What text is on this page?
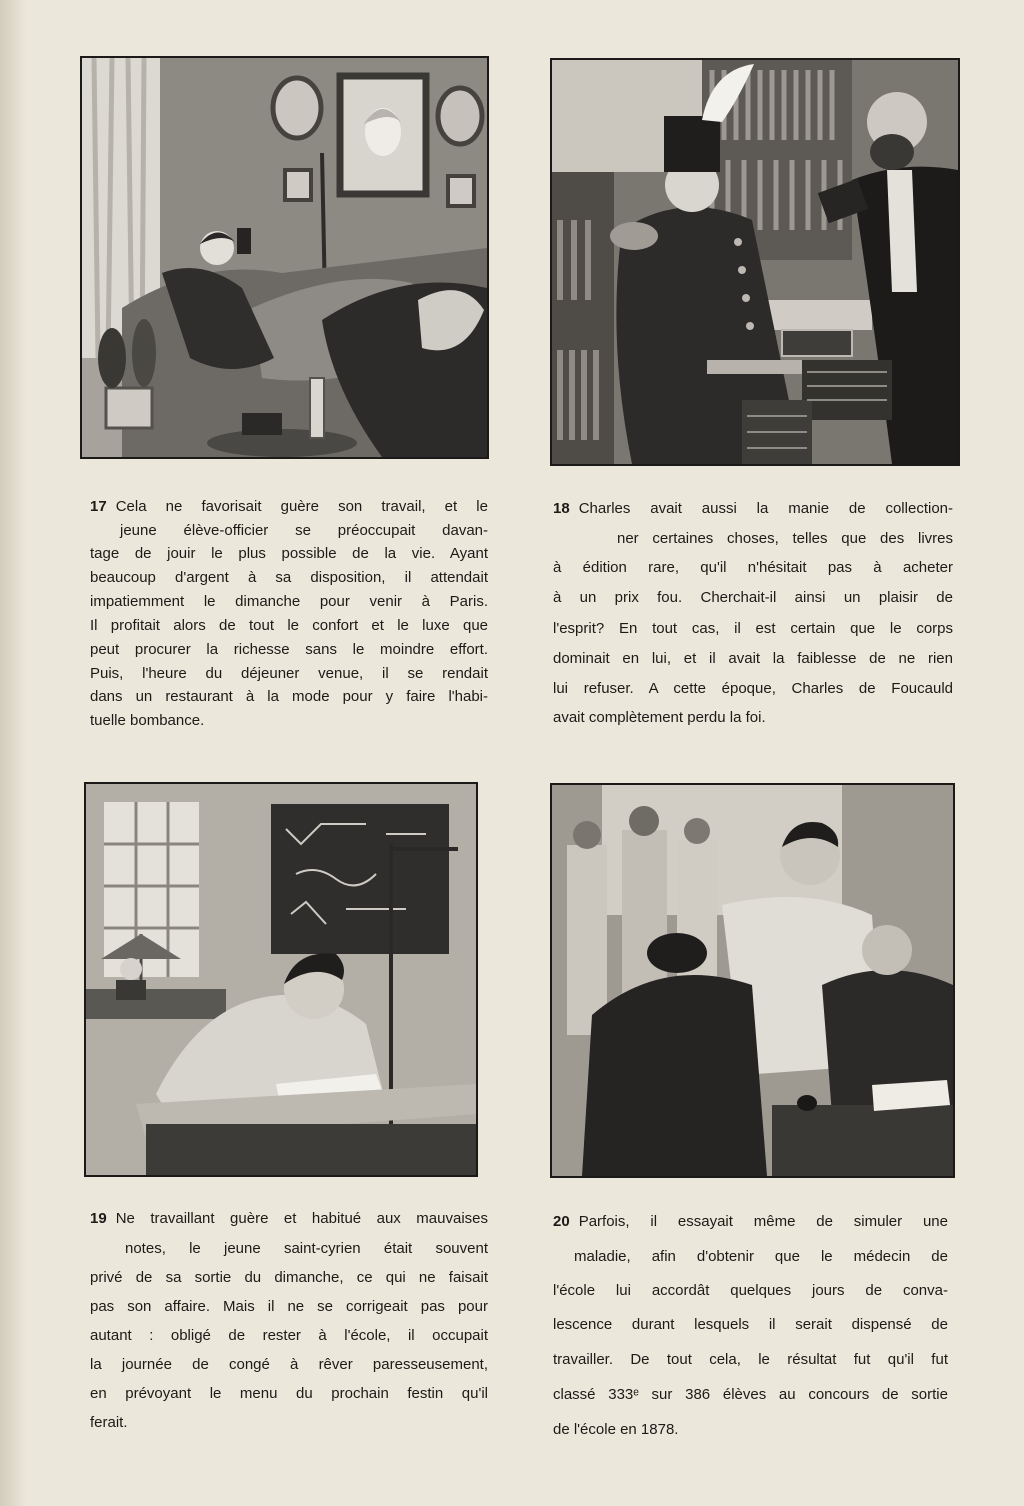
17 Cela ne favorisait guère son travail, et le
jeune élève-officier se préoccupait davan-
tage de jouir le plus possible de la vie. Ayant
beaucoup d'argent à sa disposition, il attendait
impatiemment le dimanche pour venir à Paris.
Il profitait alors de tout le confort et le luxe que
peut procurer la richesse sans le moindre effort.
Puis, l'heure du déjeuner venue, il se rendait
dans un restaurant à la mode pour y faire l'habi-
tuelle bombance.
18 Charles avait aussi la manie de collection-
ner certaines choses, telles que des livres
à édition rare, qu'il n'hésitait pas à acheter
à un prix fou. Cherchait-il ainsi un plaisir de
l'esprit? En tout cas, il est certain que le corps
dominait en lui, et il avait la faiblesse de ne rien
lui refuser. A cette époque, Charles de Foucauld
avait complètement perdu la foi.
19 Ne travaillant guère et habitué aux mauvaises
notes, le jeune saint-cyrien était souvent
privé de sa sortie du dimanche, ce qui ne faisait
pas son affaire. Mais il ne se corrigeait pas pour
autant : obligé de rester à l'école, il occupait
la journée de congé à rêver paresseusement,
en prévoyant le menu du prochain festin qu'il
ferait.
20 Parfois, il essayait même de simuler une
maladie, afin d'obtenir que le médecin de
l'école lui accordât quelques jours de conva-
lescence durant lesquels il serait dispensé de
travailler. De tout cela, le résultat fut qu'il fut
classé 333ᵉ sur 386 élèves au concours de sortie
de l'école en 1878.
